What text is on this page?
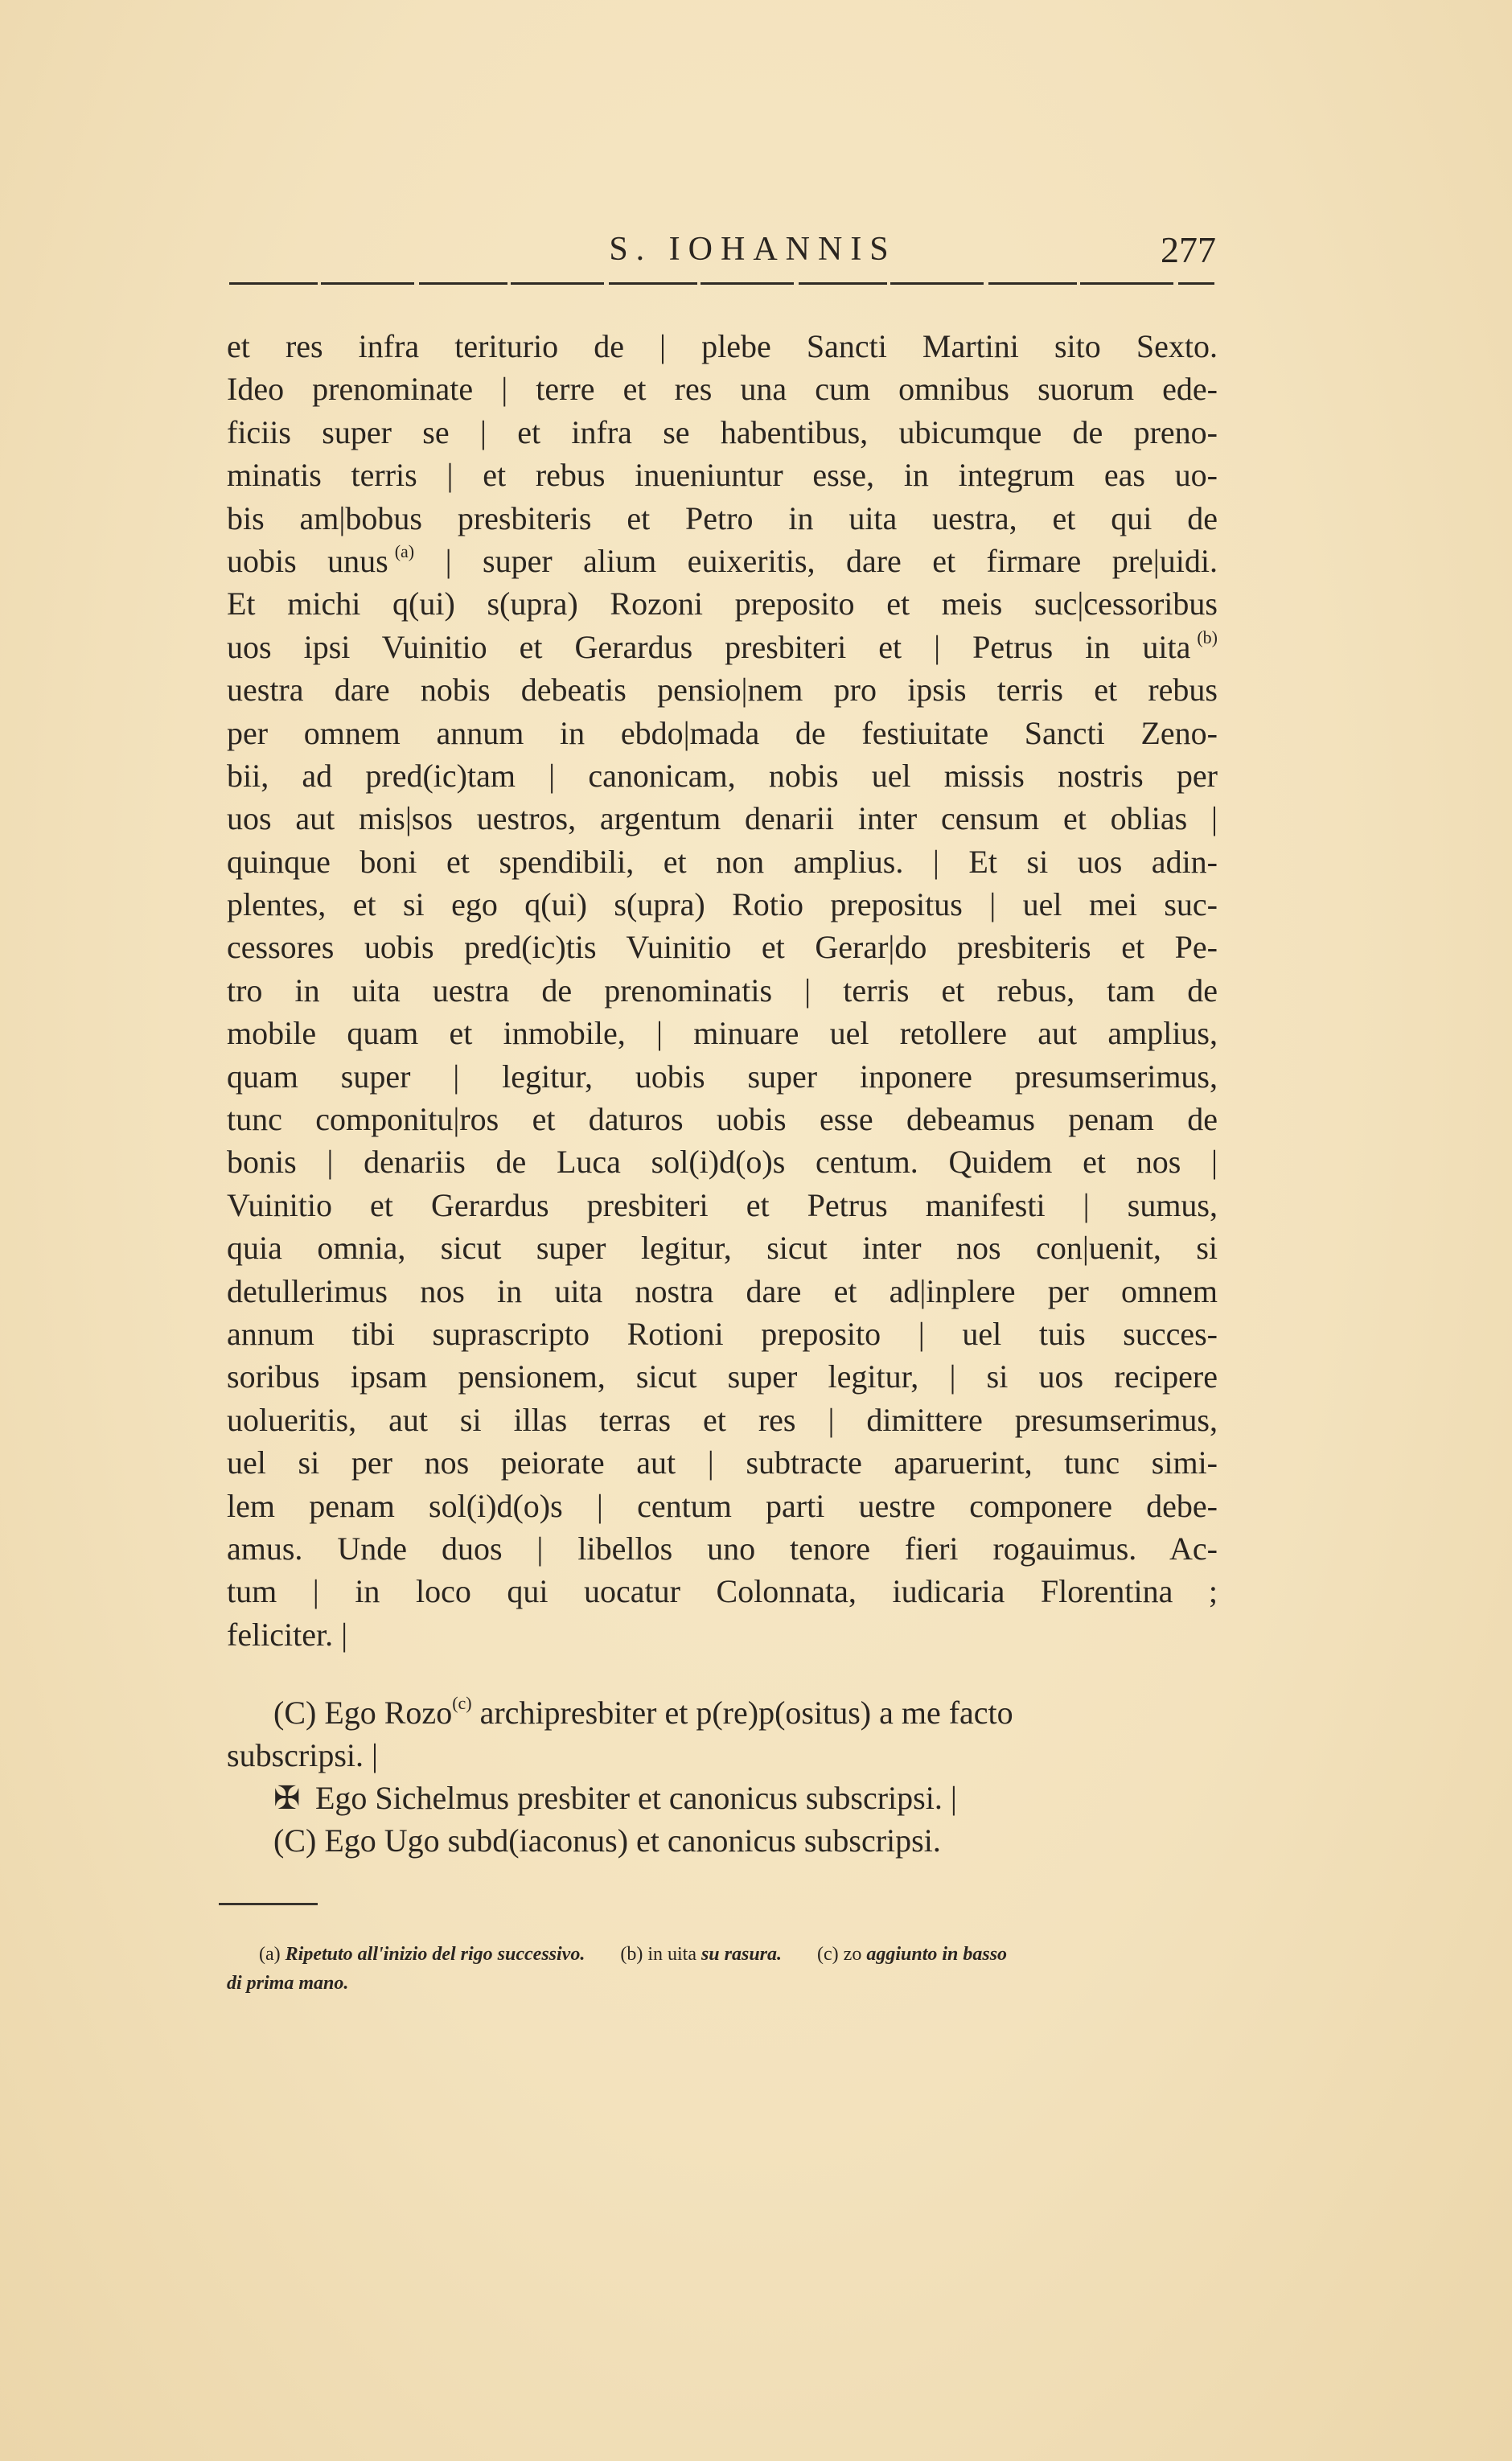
S. IOHANNIS	277
et res infra teriturio de | plebe Sancti Martini sito Sexto.
Ideo prenominate | terre et res una cum omnibus suorum ede-
ficiis super se | et infra se habentibus, ubicumque de preno-
minatis terris | et rebus inueniuntur esse, in integrum eas uo-
bis am|bobus presbiteris et Petro in uita uestra, et qui de
uobis unus  $^{(a)}$ | super alium euixeritis, dare et firmare pre|uidi.
Et michi q(ui) s(upra) Rozoni preposito et meis suc|cessoribus
uos ipsi Vuinitio et Gerardus presbiteri et | Petrus in uita  $^{(b)}$
uestra dare nobis debeatis pensio|nem pro ipsis terris et rebus
per omnem annum in ebdo|mada de festiuitate Sancti Zeno-
bii, ad pred(ic)tam | canonicam, nobis uel missis nostris per
uos aut mis|sos uestros, argentum denarii inter censum et oblias |
quinque boni et spendibili, et non amplius. | Et si uos adin-
plentes, et si ego q(ui) s(upra) Rotio prepositus | uel mei suc-
cessores uobis pred(ic)tis Vuinitio et Gerar|do presbiteris et Pe-
tro in uita uestra de prenominatis | terris et rebus, tam de
mobile quam et inmobile, | minuare uel retollere aut amplius,
quam super | legitur, uobis super inponere presumserimus,
tunc componitu|ros et daturos uobis esse debeamus penam de
bonis | denariis de Luca sol(i)d(o)s centum. Quidem et nos |
Vuinitio et Gerardus presbiteri et Petrus manifesti | sumus,
quia omnia, sicut super legitur, sicut inter nos con|uenit, si
detullerimus nos in uita nostra dare et ad|inplere per omnem
annum tibi suprascripto Rotioni preposito | uel tuis succes-
soribus ipsam pensionem, sicut super legitur, | si uos recipere
uolueritis, aut si illas terras et res | dimittere presumserimus,
uel si per nos peiorate aut | subtracte aparuerint, tunc simi-
lem penam sol(i)d(o)s | centum parti uestre componere debe-
amus. Unde duos | libellos uno tenore fieri rogauimus. Ac-
tum | in loco qui uocatur Colonnata, iudicaria Florentina ;
feliciter. |
(C) Ego Rozo$^{(c)}$ archipresbiter et p(re)p(ositus) a me facto
subscripsi. |
✠ Ego Sichelmus presbiter et canonicus subscripsi. |
(C) Ego Ugo subd(iaconus) et canonicus subscripsi.
(a) Ripetuto all'inizio del rigo successivo. (b) in uita su rasura. (c) zo aggiunto in basso
di prima mano.
